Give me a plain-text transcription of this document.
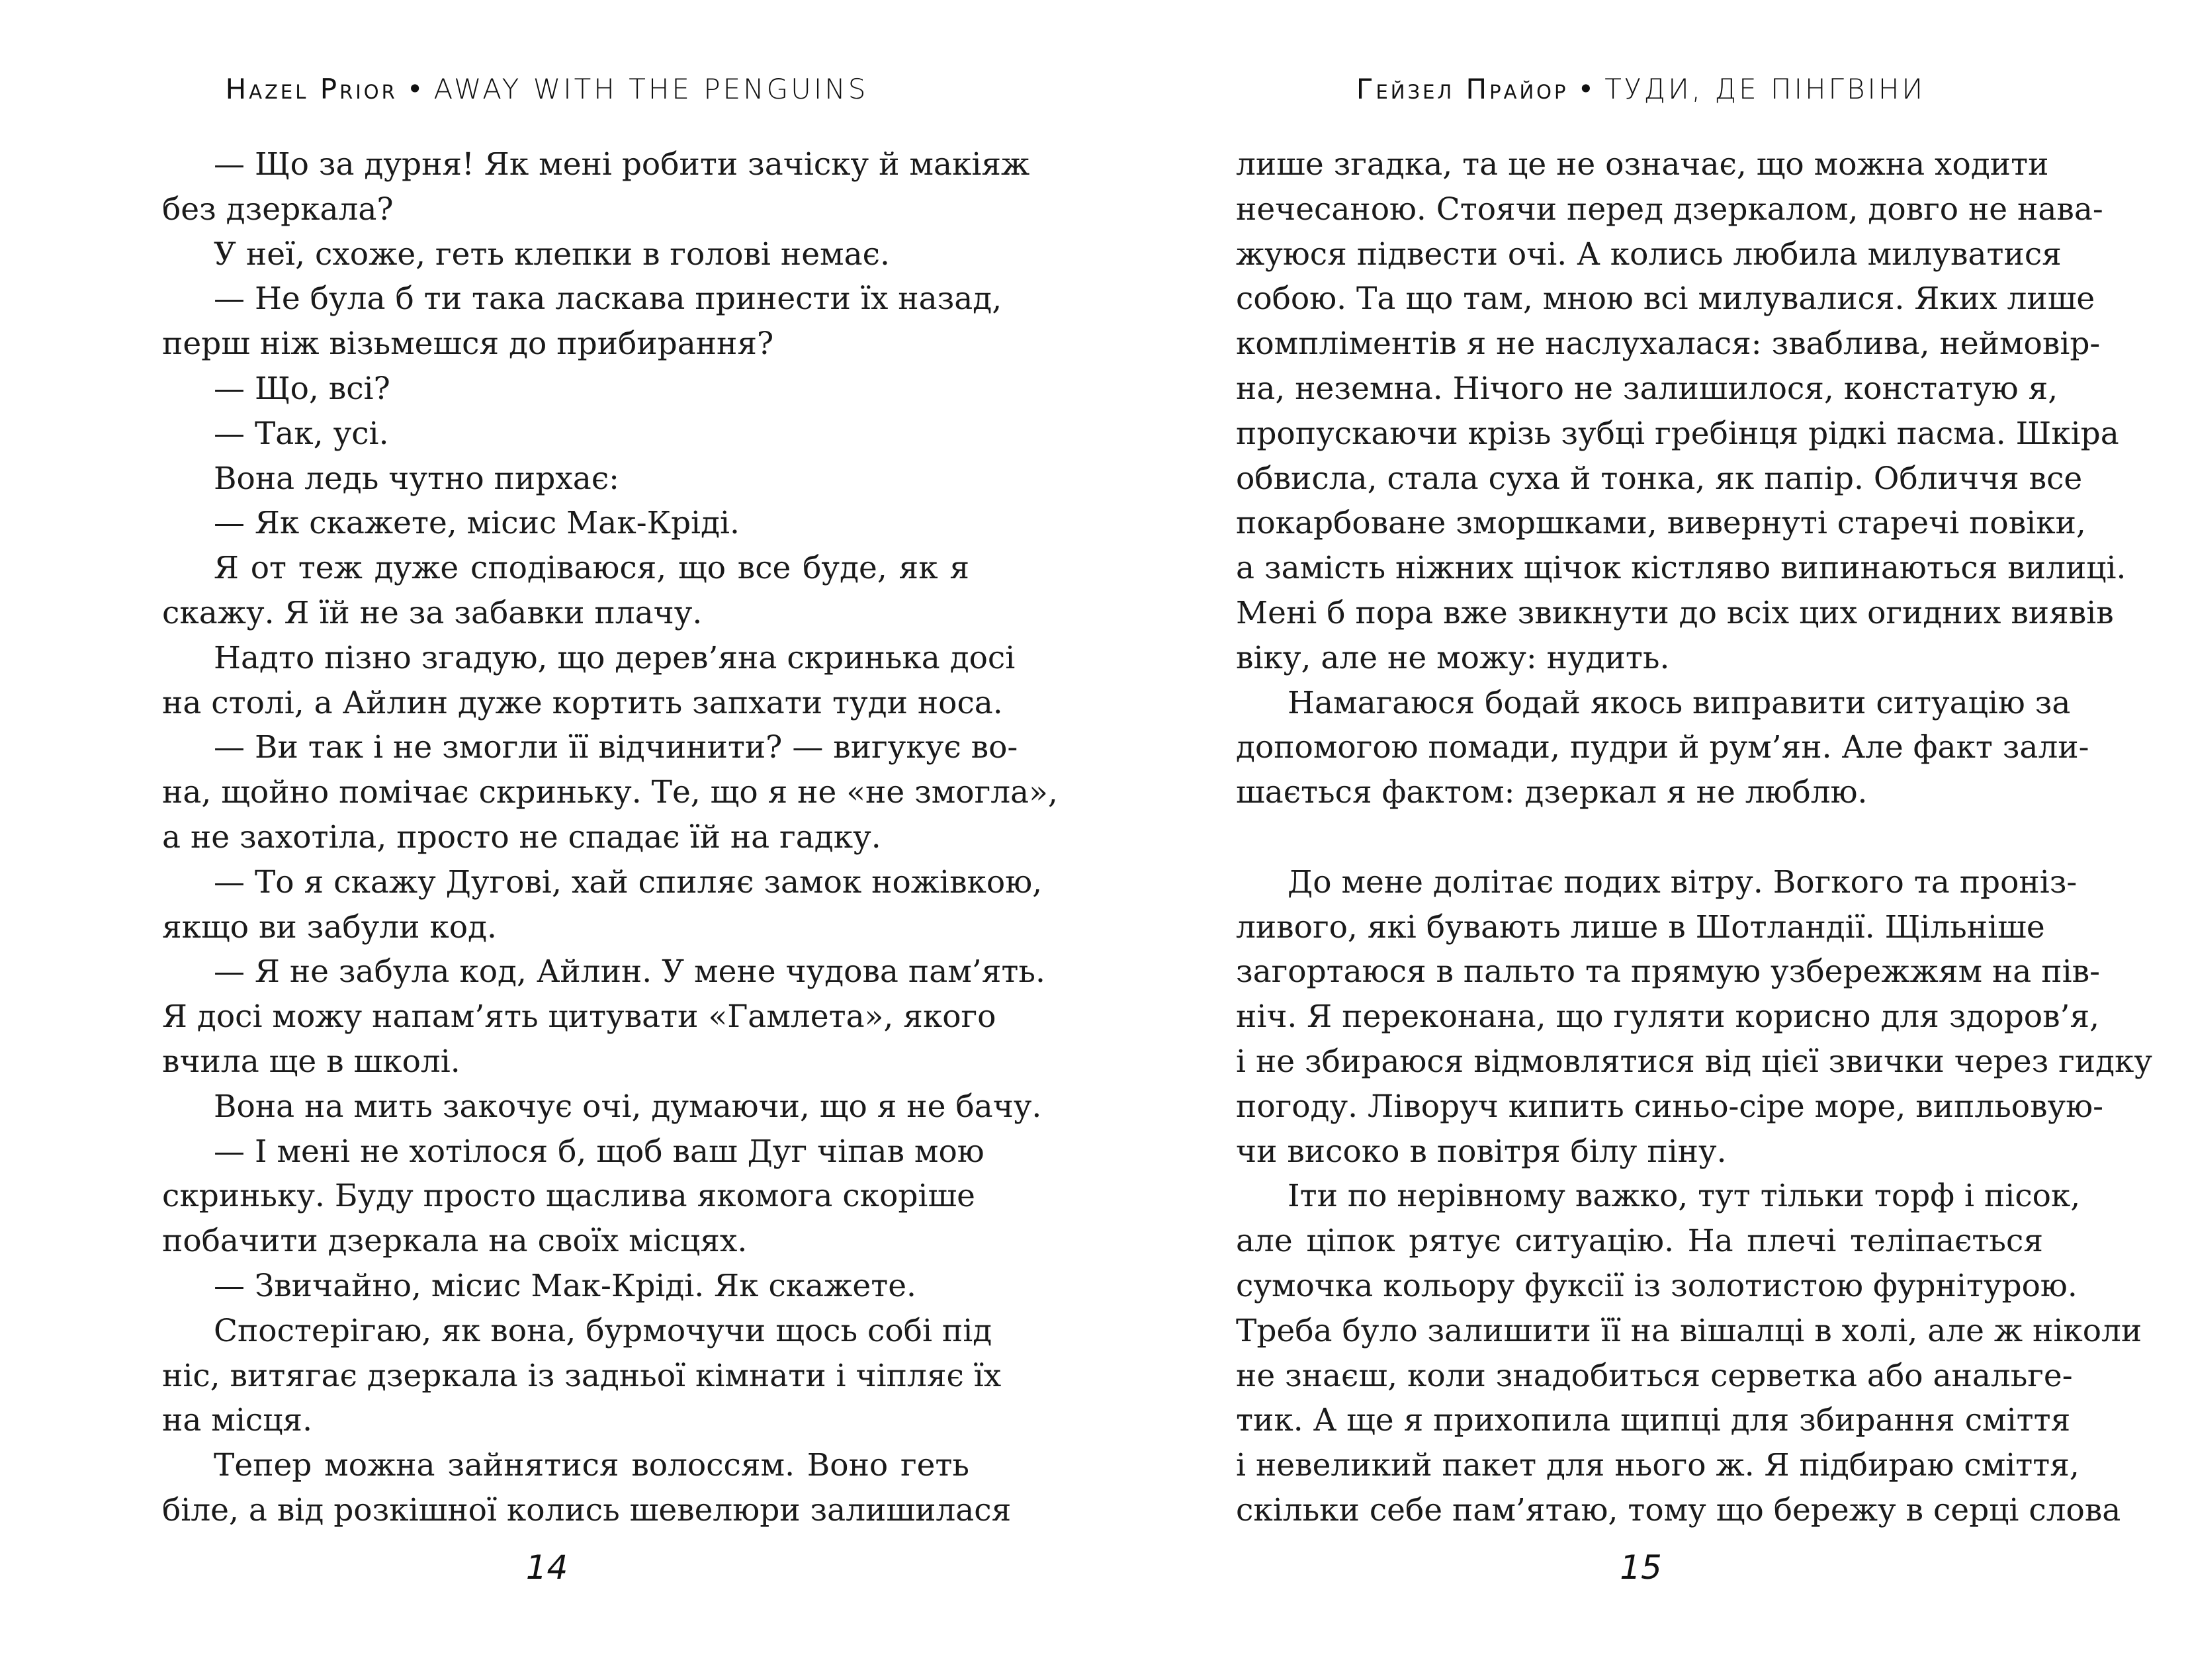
Hazel Prior • AWAY WITH THE PENGUINS
— Що за дурня! Як мені робити зачіску й макіяж
без дзеркала?
У неї, схоже, геть клепки в голові немає.
— Не була б ти така ласкава принести їх назад,
перш ніж візьмешся до прибирання?
— Що, всі?
— Так, усі.
Вона ледь чутно пирхає:
— Як скажете, місис Мак-Кріді.
Я от теж дуже сподіваюся, що все буде, як я
скажу. Я їй не за забавки плачу.
Надто пізно згадую, що дерев’яна скринька досі
на столі, а Айлин дуже кортить запхати туди носа.
— Ви так і не змогли її відчинити? — вигукує во-
на, щойно помічає скриньку. Те, що я не «не змогла»,
а не захотіла, просто не спадає їй на гадку.
— То я скажу Дугові, хай спиляє замок ножівкою,
якщо ви забули код.
— Я не забула код, Айлин. У мене чудова пам’ять.
Я досі можу напам’ять цитувати «Гамлета», якого
вчила ще в школі.
Вона на мить закочує очі, думаючи, що я не бачу.
— І мені не хотілося б, щоб ваш Дуг чіпав мою
скриньку. Буду просто щаслива якомога скоріше
побачити дзеркала на своїх місцях.
— Звичайно, місис Мак-Кріді. Як скажете.
Спостерігаю, як вона, бурмочучи щось собі під
ніс, витягає дзеркала із задньої кімнати і чіпляє їх
на місця.
Тепер можна зайнятися волоссям. Воно геть
біле, а від розкішної колись шевелюри залишилася
14
Гейзел Прайор • ТУДИ, ДЕ ПІНГВІНИ
лише згадка, та це не означає, що можна ходити
нечесаною. Стоячи перед дзеркалом, довго не нава-
жуюся підвести очі. А колись любила милуватися
собою. Та що там, мною всі милувалися. Яких лише
компліментів я не наслухалася: зваблива, неймовір-
на, неземна. Нічого не залишилося, констатую я,
пропускаючи крізь зубці гребінця рідкі пасма. Шкіра
обвисла, стала суха й тонка, як папір. Обличчя все
покарбоване зморшками, вивернуті старечі повіки,
а замість ніжних щічок кістляво випинаються вилиці.
Мені б пора вже звикнути до всіх цих огидних виявів
віку, але не можу: нудить.
Намагаюся бодай якось виправити ситуацію за
допомогою помади, пудри й рум’ян. Але факт зали-
шається фактом: дзеркал я не люблю.
До мене долітає подих вітру. Вогкого та проніз-
ливого, які бувають лише в Шотландії. Щільніше
загортаюся в пальто та прямую узбережжям на пів-
ніч. Я переконана, що гуляти корисно для здоров’я,
і не збираюся відмовлятися від цієї звички через гидку
погоду. Ліворуч кипить синьо-сіре море, випльовую-
чи високо в повітря білу піну.
Іти по нерівному важко, тут тільки торф і пісок,
але ціпок рятує ситуацію. На плечі теліпається
сумочка кольору фуксії із золотистою фурнітурою.
Треба було залишити її на вішалці в холі, але ж ніколи
не знаєш, коли знадобиться серветка або анальге-
тик. А ще я прихопила щипці для збирання сміття
і невеликий пакет для нього ж. Я підбираю сміття,
скільки себе пам’ятаю, тому що бережу в серці слова
15
